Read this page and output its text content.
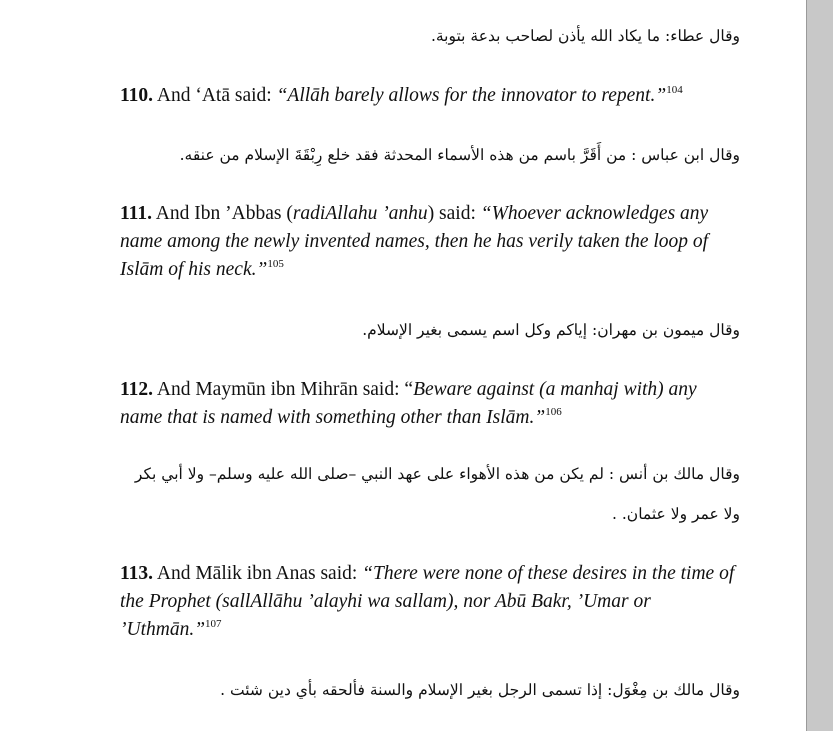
وقال عطاء: ما يكاد الله يأذن لصاحب بدعة بتوبة.
110. And ‘Atā said: “Allāh barely allows for the innovator to repent.”$^{104}$
وقال ابن عباس : من أَقَرَّ باسم من هذه الأسماء المحدثة فقد خلع رِبْقَةَ الإسلام من عنقه.
111. And Ibn ’Abbas (radiAllahu ’anhu) said: “Whoever acknowledges any name among the newly invented names, then he has verily taken the loop of Islām of his neck.”$^{105}$
وقال ميمون بن مهران: إياكم وكل اسم يسمى بغير الإسلام.
112. And Maymūn ibn Mihrān said: “Beware against (a manhaj with) any name that is named with something other than Islām.”$^{106}$
وقال مالك بن أنس : لم يكن من هذه الأهواء على عهد النبي –صلى الله عليه وسلم– ولا أبي بكر
ولا عمر ولا عثمان. .
113. And Mālik ibn Anas said: “There were none of these desires in the time of the Prophet (sallAllāhu ’alayhi wa sallam), nor Abū Bakr, ’Umar or ’Uthmān.”$^{107}$
وقال مالك بن مِغْوَل: إذا تسمى الرجل بغير الإسلام والسنة فألحقه بأي دين شئت .
